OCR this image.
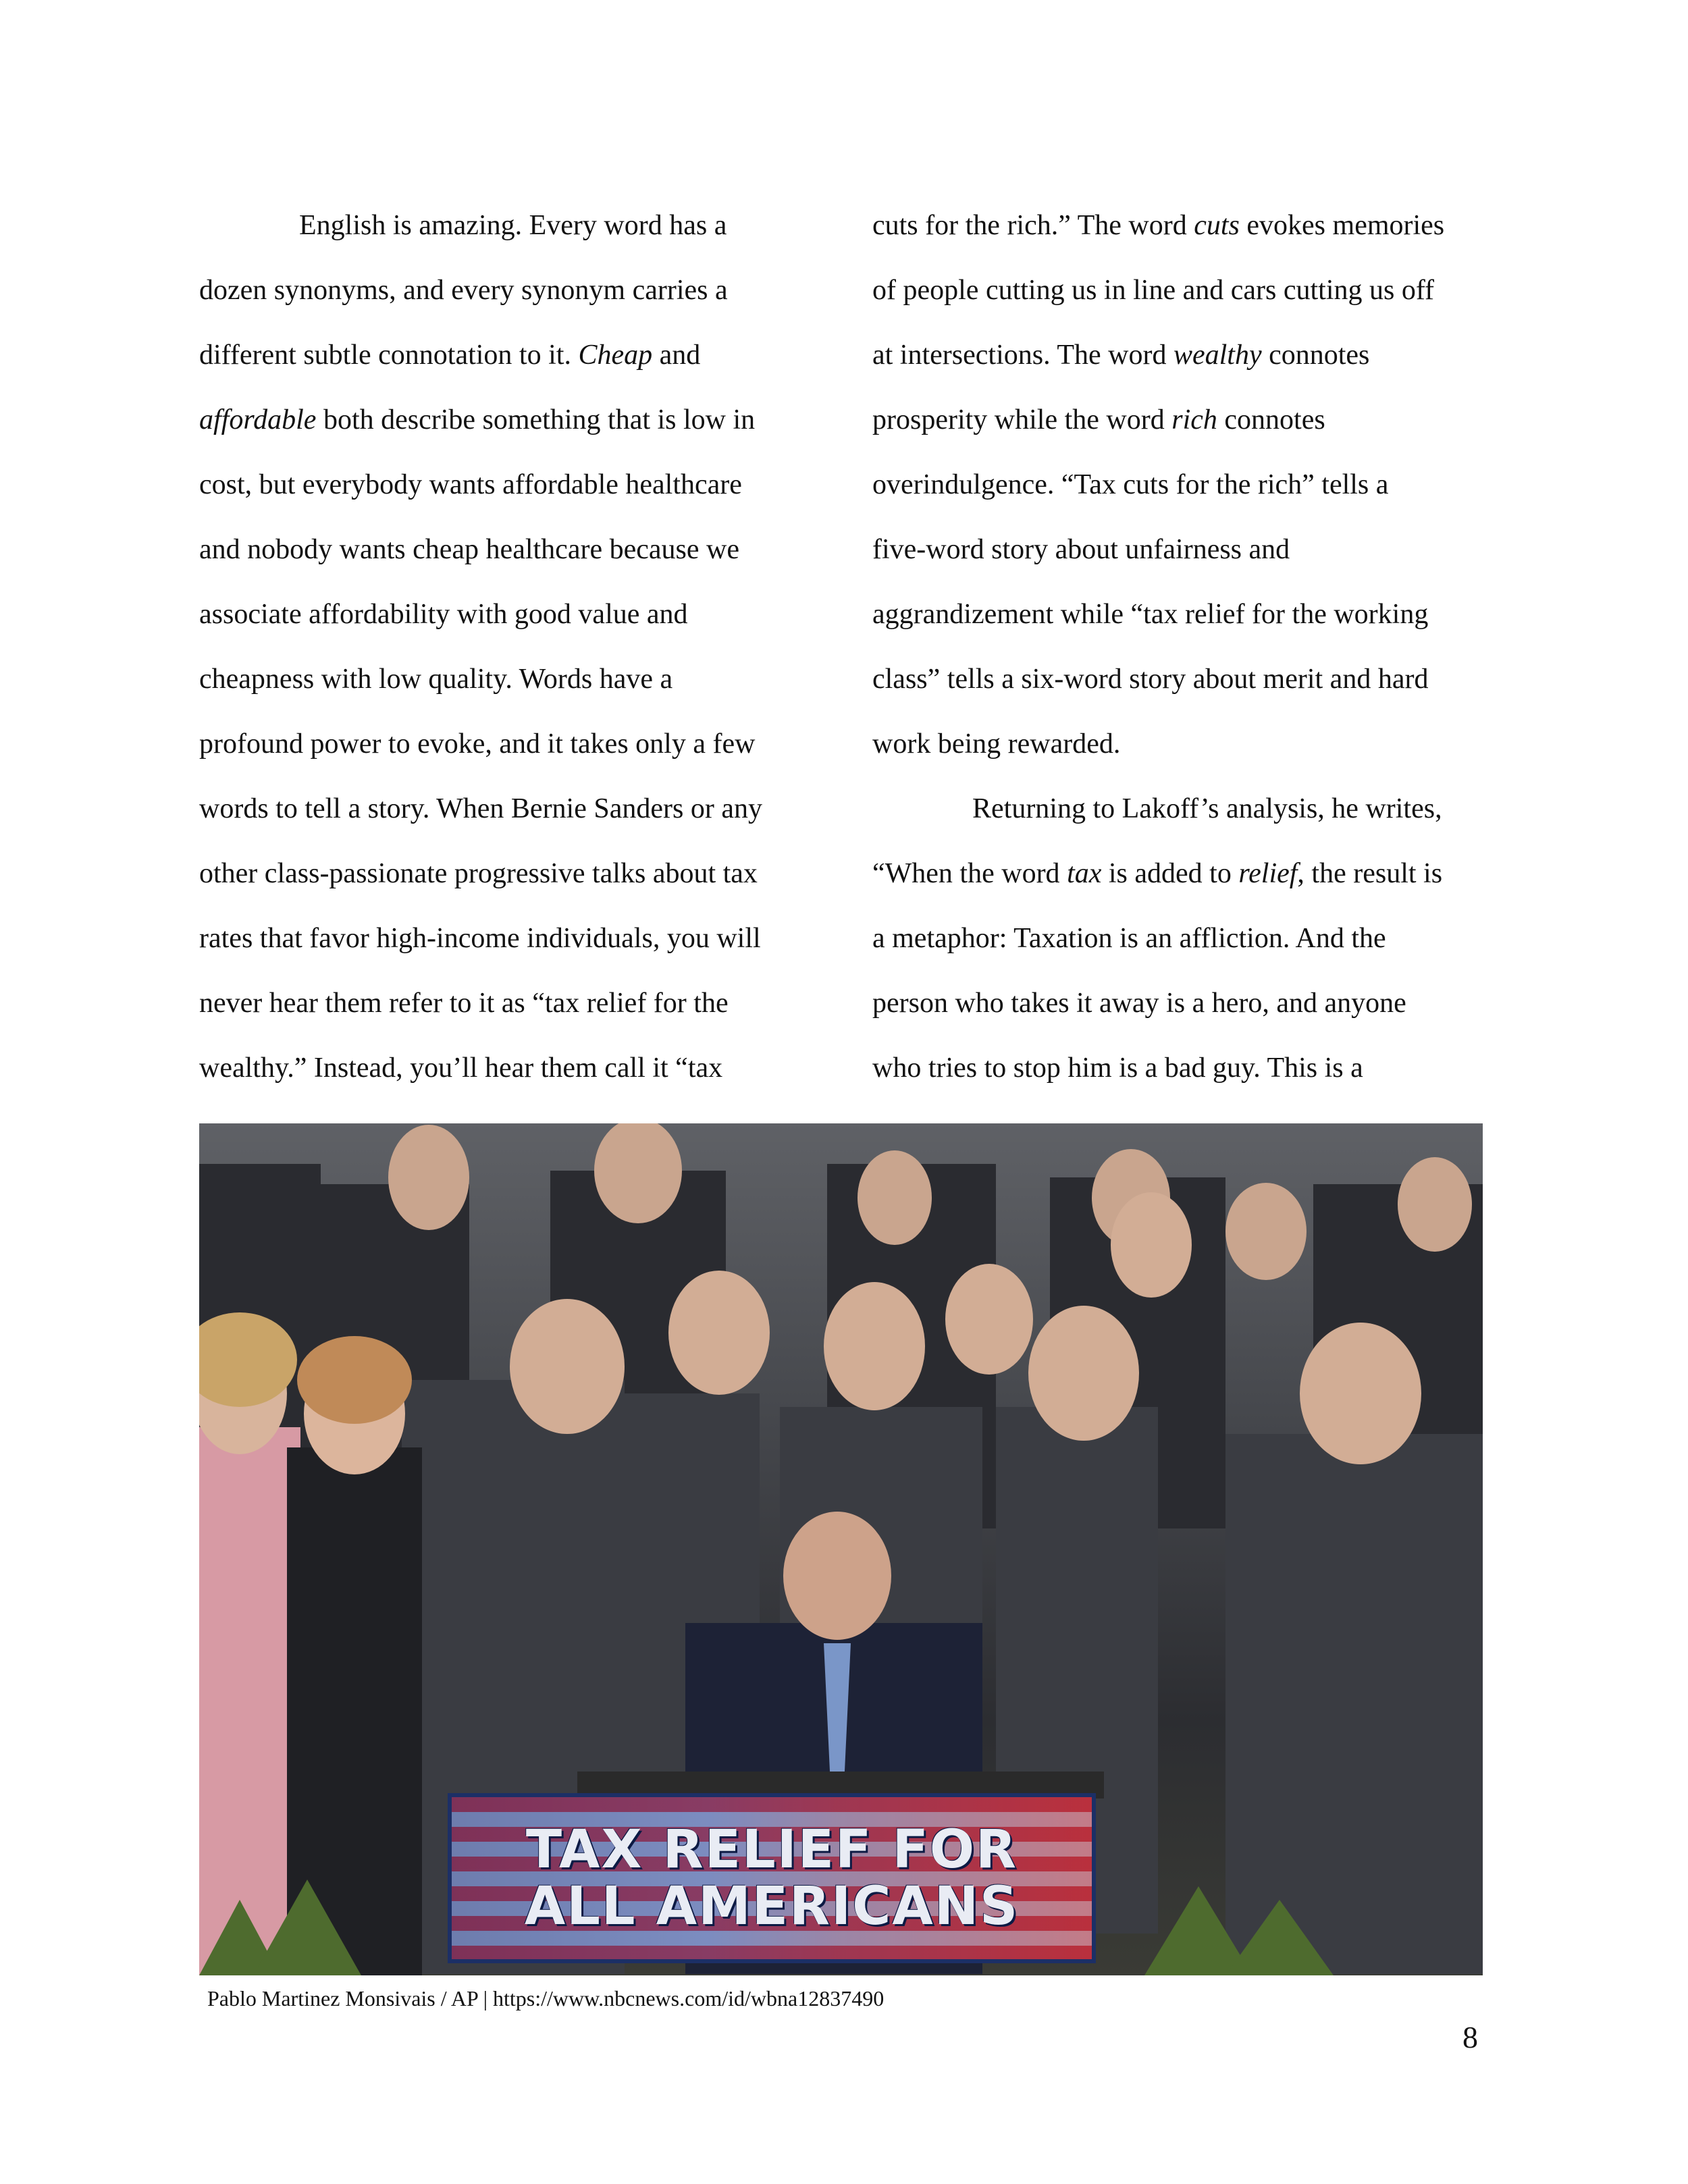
English is amazing. Every word has a
dozen synonyms, and every synonym carries a
different subtle connotation to it. Cheap and
affordable both describe something that is low in
cost, but everybody wants affordable healthcare
and nobody wants cheap healthcare because we
associate affordability with good value and
cheapness with low quality. Words have a
profound power to evoke, and it takes only a few
words to tell a story. When Bernie Sanders or any
other class-passionate progressive talks about tax
rates that favor high-income individuals, you will
never hear them refer to it as “tax relief for the
wealthy.” Instead, you’ll hear them call it “tax
cuts for the rich.” The word cuts evokes memories
of people cutting us in line and cars cutting us off
at intersections. The word wealthy connotes
prosperity while the word rich connotes
overindulgence. “Tax cuts for the rich” tells a
five-word story about unfairness and
aggrandizement while “tax relief for the working
class” tells a six-word story about merit and hard
work being rewarded.
Returning to Lakoff’s analysis, he writes,
“When the word tax is added to relief, the result is
a metaphor: Taxation is an affliction. And the
person who takes it away is a hero, and anyone
who tries to stop him is a bad guy. This is a
TAX RELIEF FOR
ALL AMERICANS
Pablo Martinez Monsivais / AP | https://www.nbcnews.com/id/wbna12837490
8
